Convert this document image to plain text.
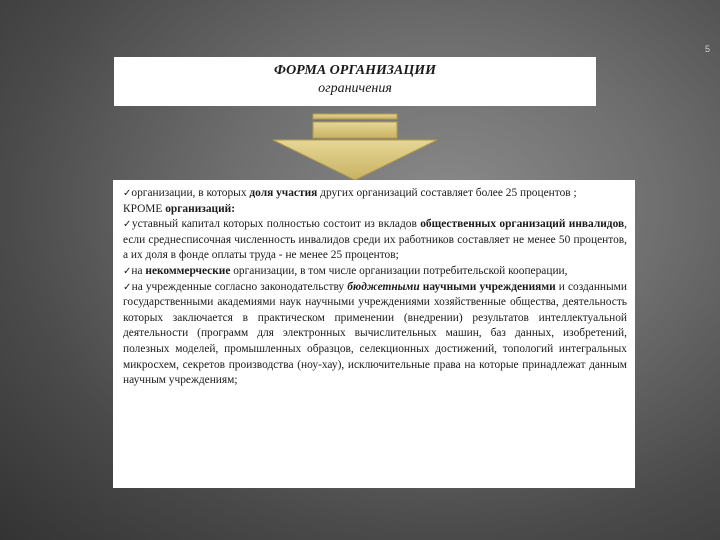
5
ФОРМА ОРГАНИЗАЦИИ
ограничения

✓организации, в которых доля участия других организаций составляет более 25 процентов ;

КРОМЕ организаций:

✓уставный капитал которых полностью состоит из вкладов общественных организаций инвалидов, если среднесписочная численность инвалидов среди их работников составляет не менее 50 процентов, а их доля в фонде оплаты труда - не менее 25 процентов;

✓на некоммерческие организации, в том числе организации потребительской кооперации,

✓на учрежденные согласно законодательству бюджетными научными учреждениями и созданными государственными академиями наук научными учреждениями хозяйственные общества, деятельность которых заключается в практическом применении (внедрении) результатов интеллектуальной деятельности (программ для электронных вычислительных машин, баз данных, изобретений, полезных моделей, промышленных образцов, селекционных достижений, топологий интегральных микросхем, секретов производства (ноу-хау), исключительные права на которые принадлежат данным научным учреждениям;
